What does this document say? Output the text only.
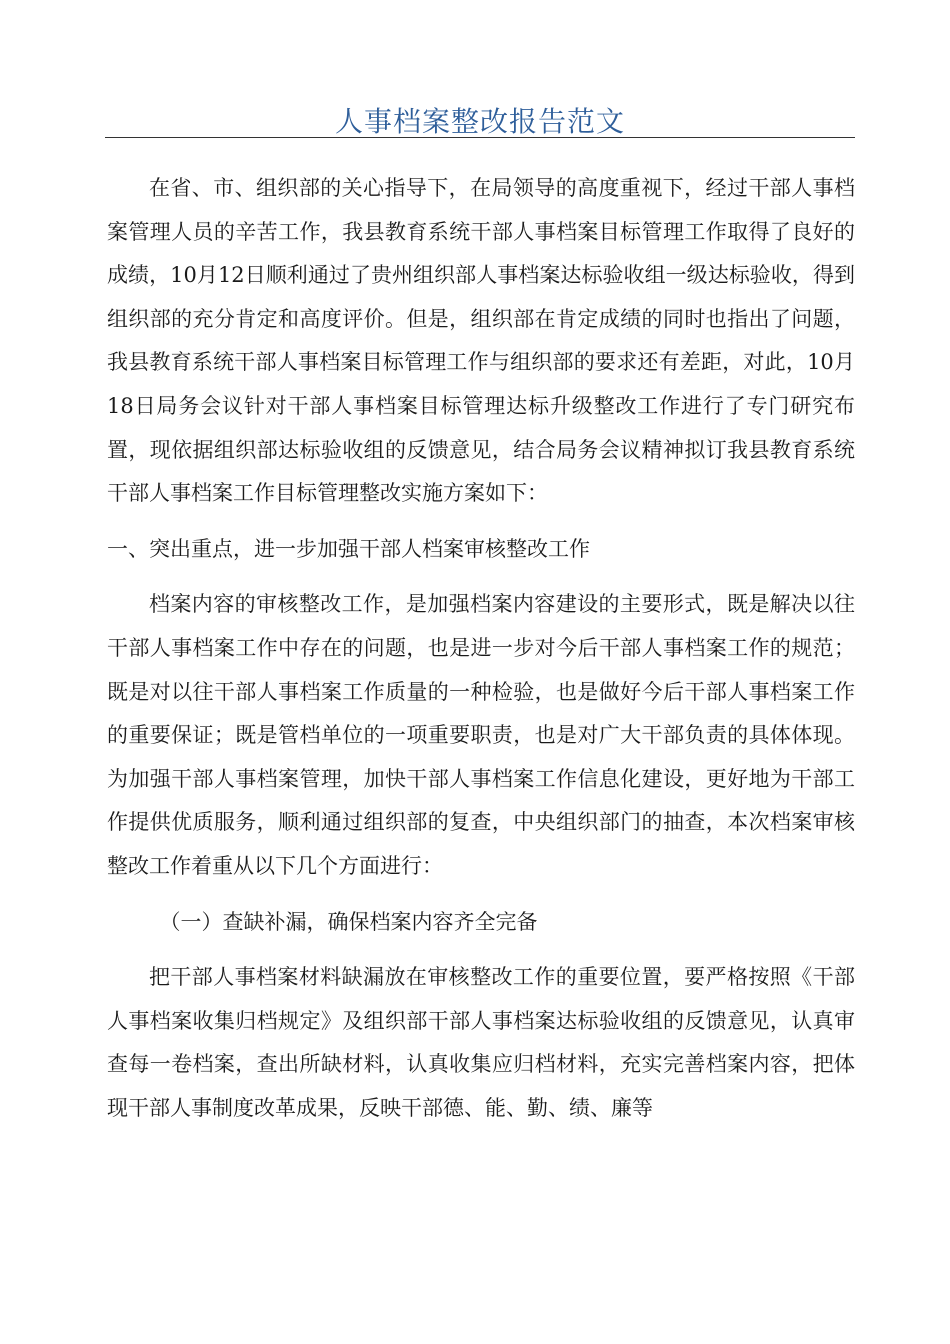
人事档案整改报告范文

在省、市、组织部的关心指导下，在局领导的高度重视下，经过干部人事档案管理人员的辛苦工作，我县教育系统干部人事档案目标管理工作取得了良好的成绩，10月12日顺利通过了贵州组织部人事档案达标验收组一级达标验收，得到组织部的充分肯定和高度评价。但是，组织部在肯定成绩的同时也指出了问题，我县教育系统干部人事档案目标管理工作与组织部的要求还有差距，对此，10月18日局务会议针对干部人事档案目标管理达标升级整改工作进行了专门研究布置，现依据组织部达标验收组的反馈意见，结合局务会议精神拟订我县教育系统干部人事档案工作目标管理整改实施方案如下：

一、突出重点，进一步加强干部人档案审核整改工作

档案内容的审核整改工作，是加强档案内容建设的主要形式，既是解决以往干部人事档案工作中存在的问题，也是进一步对今后干部人事档案工作的规范；既是对以往干部人事档案工作质量的一种检验，也是做好今后干部人事档案工作的重要保证；既是管档单位的一项重要职责，也是对广大干部负责的具体体现。为加强干部人事档案管理，加快干部人事档案工作信息化建设，更好地为干部工作提供优质服务，顺利通过组织部的复查，中央组织部门的抽查，本次档案审核整改工作着重从以下几个方面进行：

（一）查缺补漏，确保档案内容齐全完备

把干部人事档案材料缺漏放在审核整改工作的重要位置，要严格按照《干部人事档案收集归档规定》及组织部干部人事档案达标验收组的反馈意见，认真审查每一卷档案，查出所缺材料，认真收集应归档材料，充实完善档案内容，把体现干部人事制度改革成果，反映干部德、能、勤、绩、廉等
